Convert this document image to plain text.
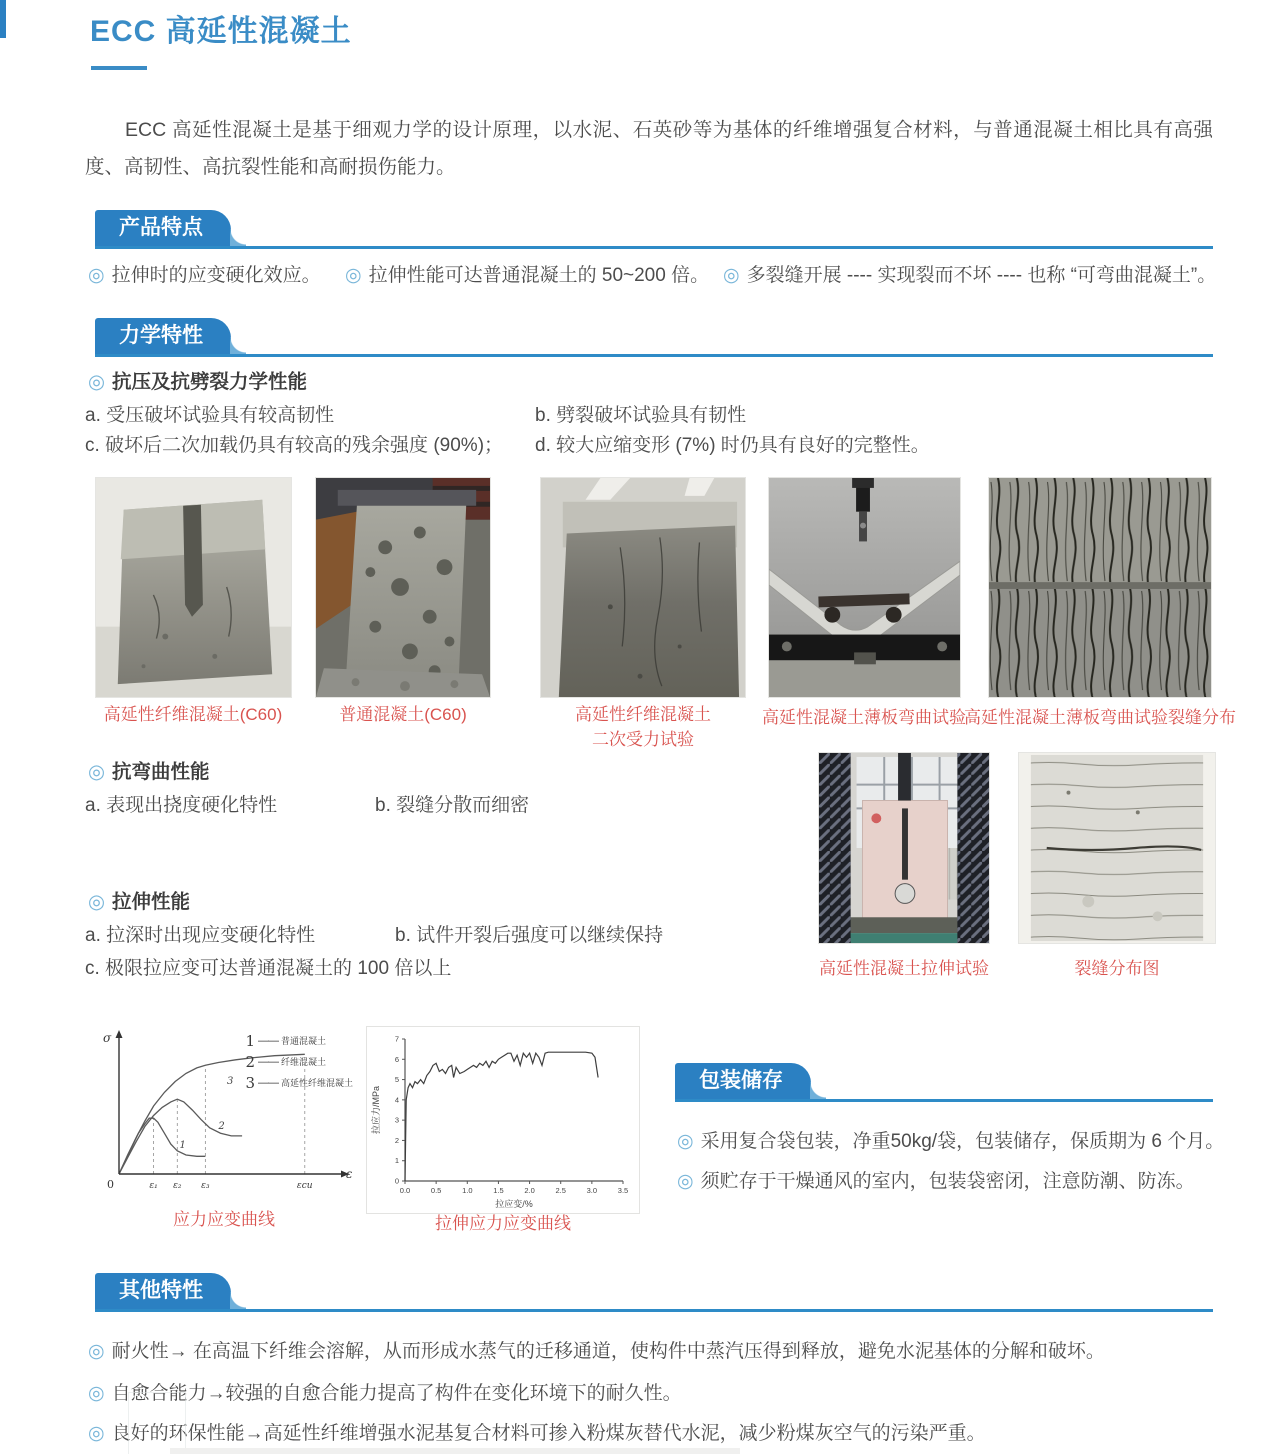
ECC 高延性混凝土

ECC 高延性混凝土是基于细观力学的设计原理，以水泥、石英砂等为基体的纤维增强复合材料，与普通混凝土相比具有高强度、高韧性、高抗裂性能和高耐损伤能力。

产品特点
◎ 拉伸时的应变硬化效应。 ◎ 拉伸性能可达普通混凝土的 50~200 倍。 ◎ 多裂缝开展 ---- 实现裂而不坏 ---- 也称 “可弯曲混凝土”。
力学特性
◎ 抗压及抗劈裂力学性能
a. 受压破坏试验具有较高韧性	b. 劈裂破坏试验具有韧性
c. 破坏后二次加载仍具有较高的残余强度 (90%)； d. 较大应缩变形 (7%) 时仍具有良好的完整性。
高延性纤维混凝土(C60)	普通混凝土(C60)	高延性纤维混凝土
二次受力试验
高延性混凝土薄板弯曲试验
高延性混凝土薄板弯曲试验裂缝分布
◎ 抗弯曲性能
a. 表现出挠度硬化特性	b. 裂缝分散而细密
高延性混凝土拉伸试验	裂缝分布图
◎ 拉伸性能
a. 拉深时出现应变硬化特性	b. 试件开裂后强度可以继续保持
c. 极限拉应变可达普通混凝土的 100 倍以上
1
2
3
σ
ε
0	ε₁ ε₂ ε₃	εcu
1 —— 普通混凝土
2 —— 纤维混凝土
3 —— 高延性纤维混凝土
应力应变曲线
0
1
2
3
4
5
6
7
0.0	0.5	1.0	1.5	2.0	2.5	3.0	3.5
拉应变/%
拉应力/MPa
拉伸应力应变曲线
包装储存
◎ 采用复合袋包装，净重50kg/袋，包装储存，保质期为 6 个月。
◎ 须贮存于干燥通风的室内，包装袋密闭，注意防潮、防冻。
其他特性
◎ 耐火性→ 在高温下纤维会溶解，从而形成水蒸气的迁移通道，使构件中蒸汽压得到释放，避免水泥基体的分解和破坏。
◎ 自愈合能力→较强的自愈合能力提高了构件在变化环境下的耐久性。
◎ 良好的环保性能→高延性纤维增强水泥基复合材料可掺入粉煤灰替代水泥，减少粉煤灰空气的污染严重。
